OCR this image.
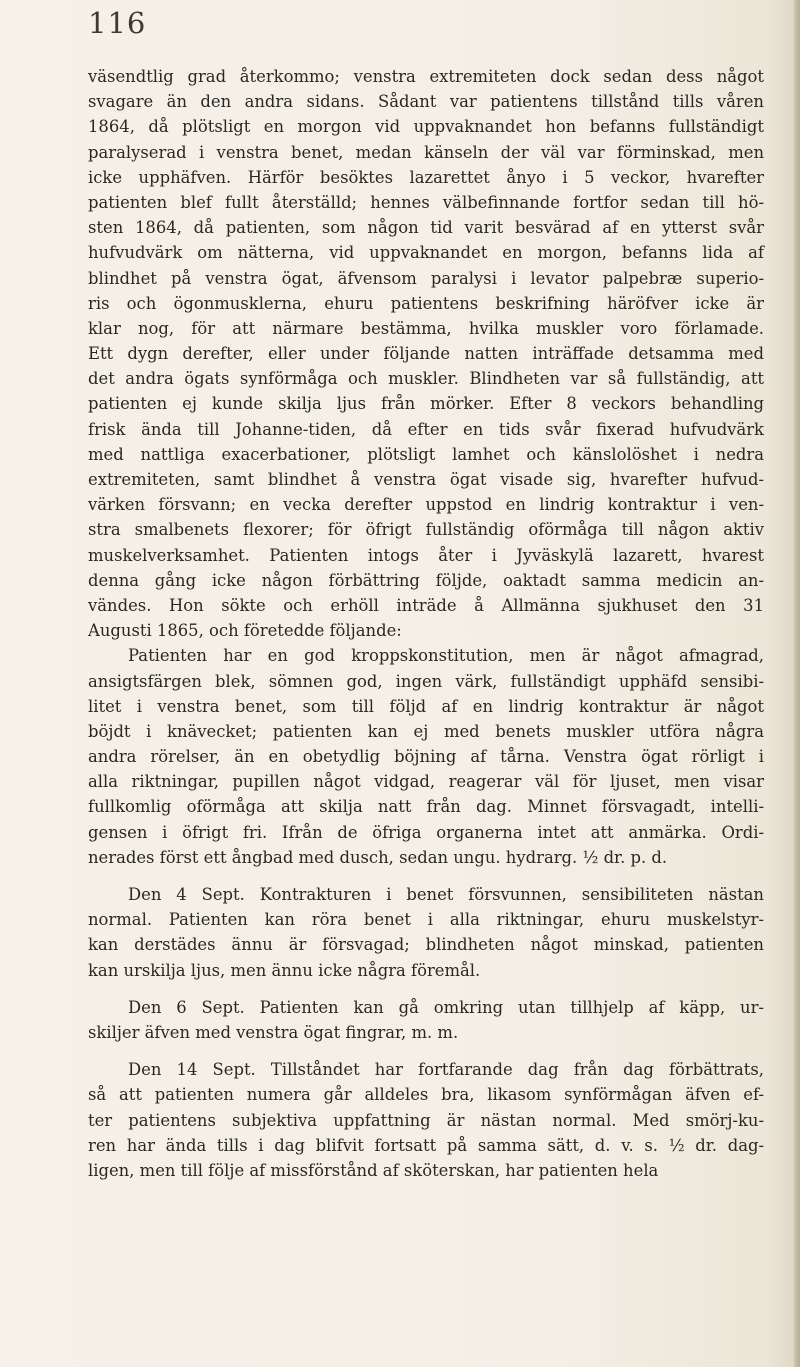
116
väsendtlig grad återkommo; venstra extremiteten dock sedan dess något
svagare än den andra sidans. Sådant var patientens tillstånd tills våren
1864, då plötsligt en morgon vid uppvaknandet hon befanns fullständigt
paralyserad i venstra benet, medan känseln der väl var förminskad, men
icke upphäfven. Härför besöktes lazarettet ånyo i 5 veckor, hvarefter
patienten blef fullt återställd; hennes välbefinnande fortfor sedan till hö-
sten 1864, då patienten, som någon tid varit besvärad af en ytterst svår
hufvudvärk om nätterna, vid uppvaknandet en morgon, befanns lida af
blindhet på venstra ögat, äfvensom paralysi i levator palpebræ superio-
ris och ögonmusklerna, ehuru patientens beskrifning häröfver icke är
klar nog, för att närmare bestämma, hvilka muskler voro förlamade.
Ett dygn derefter, eller under följande natten inträffade detsamma med
det andra ögats synförmåga och muskler. Blindheten var så fullständig, att
patienten ej kunde skilja ljus från mörker. Efter 8 veckors behandling
frisk ända till Johanne-tiden, då efter en tids svår fixerad hufvudvärk
med nattliga exacerbationer, plötsligt lamhet och känslolöshet i nedra
extremiteten, samt blindhet å venstra ögat visade sig, hvarefter hufvud-
värken försvann; en vecka derefter uppstod en lindrig kontraktur i ven-
stra smalbenets flexorer; för öfrigt fullständig oförmåga till någon aktiv
muskelverksamhet. Patienten intogs åter i Jyväskylä lazarett, hvarest
denna gång icke någon förbättring följde, oaktadt samma medicin an-
vändes. Hon sökte och erhöll inträde å Allmänna sjukhuset den 31
Augusti 1865, och företedde följande:
Patienten har en god kroppskonstitution, men är något afmagrad,
ansigtsfärgen blek, sömnen god, ingen värk, fullständigt upphäfd sensibi-
litet i venstra benet, som till följd af en lindrig kontraktur är något
böjdt i knävecket; patienten kan ej med benets muskler utföra några
andra rörelser, än en obetydlig böjning af tårna. Venstra ögat rörligt i
alla riktningar, pupillen något vidgad, reagerar väl för ljuset, men visar
fullkomlig oförmåga att skilja natt från dag. Minnet försvagadt, intelli-
gensen i öfrigt fri. Ifrån de öfriga organerna intet att anmärka. Ordi-
nerades först ett ångbad med dusch, sedan ungu. hydrarg. ½ dr. p. d.
Den 4 Sept. Kontrakturen i benet försvunnen, sensibiliteten nästan
normal. Patienten kan röra benet i alla riktningar, ehuru muskelstyr-
kan derstädes ännu är försvagad; blindheten något minskad, patienten
kan urskilja ljus, men ännu icke några föremål.
Den 6 Sept. Patienten kan gå omkring utan tillhjelp af käpp, ur-
skiljer äfven med venstra ögat fingrar, m. m.
Den 14 Sept. Tillståndet har fortfarande dag från dag förbättrats,
så att patienten numera går alldeles bra, likasom synförmågan äfven ef-
ter patientens subjektiva uppfattning är nästan normal. Med smörj-ku-
ren har ända tills i dag blifvit fortsatt på samma sätt, d. v. s. ½ dr. dag-
ligen, men till följe af missförstånd af sköterskan, har patienten hela
